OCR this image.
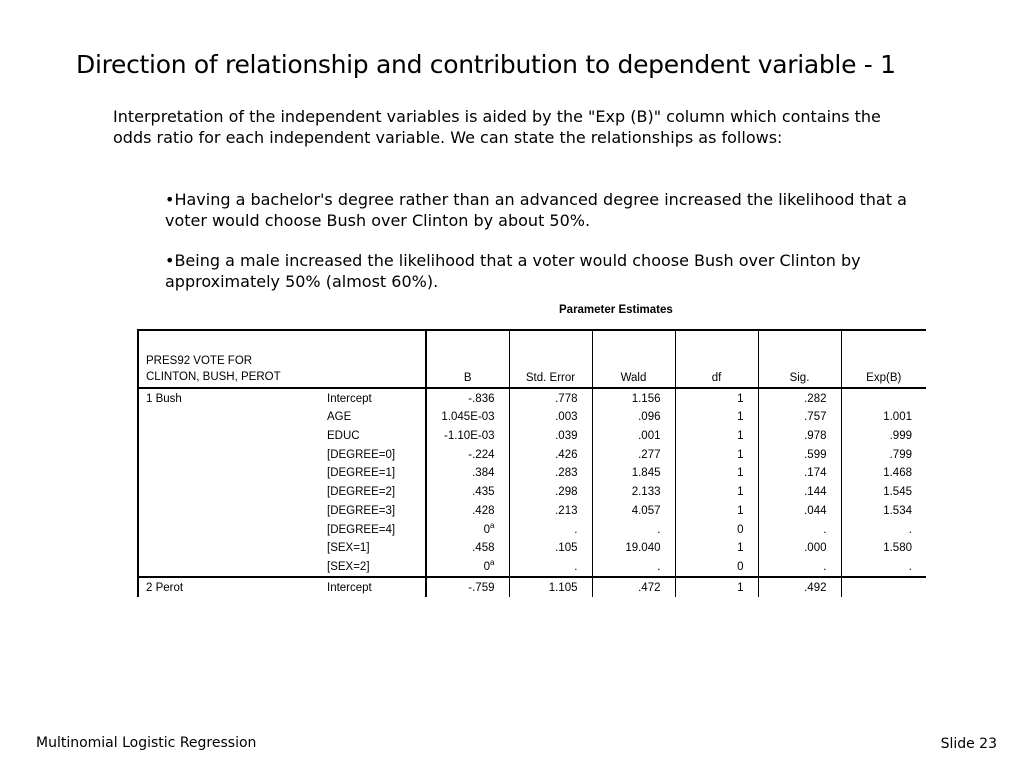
Direction of relationship and contribution to dependent variable - 1
Interpretation of the independent variables is aided by the "Exp (B)" column which contains the odds ratio for each independent variable. We can state the relationships as follows:
•Having a bachelor's degree rather than an advanced degree increased the likelihood that a voter would choose Bush over Clinton by about 50%.
•Being a male increased the likelihood that a voter would choose Bush over Clinton by approximately 50% (almost 60%).
Parameter Estimates
PRES92 VOTE FOR
CLINTON, BUSH, PEROT		B	Std. Error	Wald	df	Sig.	Exp(B)
1 Bush	Intercept	-.836	.778	1.156	1	.282	
	AGE	1.045E-03	.003	.096	1	.757	1.001
	EDUC	-1.10E-03	.039	.001	1	.978	.999
	[DEGREE=0]	-.224	.426	.277	1	.599	.799
	[DEGREE=1]	.384	.283	1.845	1	.174	1.468
	[DEGREE=2]	.435	.298	2.133	1	.144	1.545
	[DEGREE=3]	.428	.213	4.057	1	.044	1.534
	[DEGREE=4]	0$^a$	.	.	0	.	.
	[SEX=1]	.458	.105	19.040	1	.000	1.580
	[SEX=2]	0$^a$	.	.	0	.	.
2 Perot	Intercept	-.759	1.105	.472	1	.492	
Multinomial Logistic Regression	Slide 23
